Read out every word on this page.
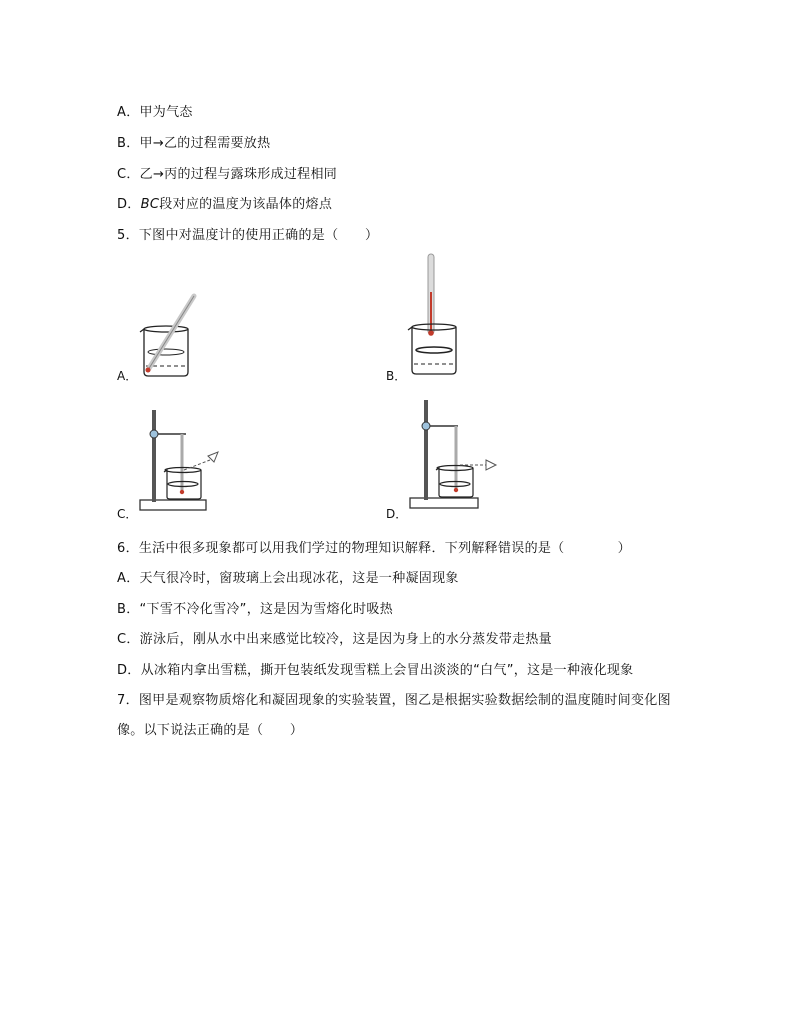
A．甲为气态
B．甲→乙的过程需要放热
C．乙→丙的过程与露珠形成过程相同
D．BC段对应的温度为该晶体的熔点
5．下图中对温度计的使用正确的是（　　）
A．	B．
C．	D．
6．生活中很多现象都可以用我们学过的物理知识解释．下列解释错误的是（　　　　）
A．天气很冷时，窗玻璃上会出现冰花，这是一种凝固现象
B．“下雪不冷化雪冷”，这是因为雪熔化时吸热
C．游泳后，刚从水中出来感觉比较冷，这是因为身上的水分蒸发带走热量
D．从冰箱内拿出雪糕，撕开包装纸发现雪糕上会冒出淡淡的“白气”，这是一种液化现象
7．图甲是观察物质熔化和凝固现象的实验装置，图乙是根据实验数据绘制的温度随时间变化图
像。以下说法正确的是（　　）
